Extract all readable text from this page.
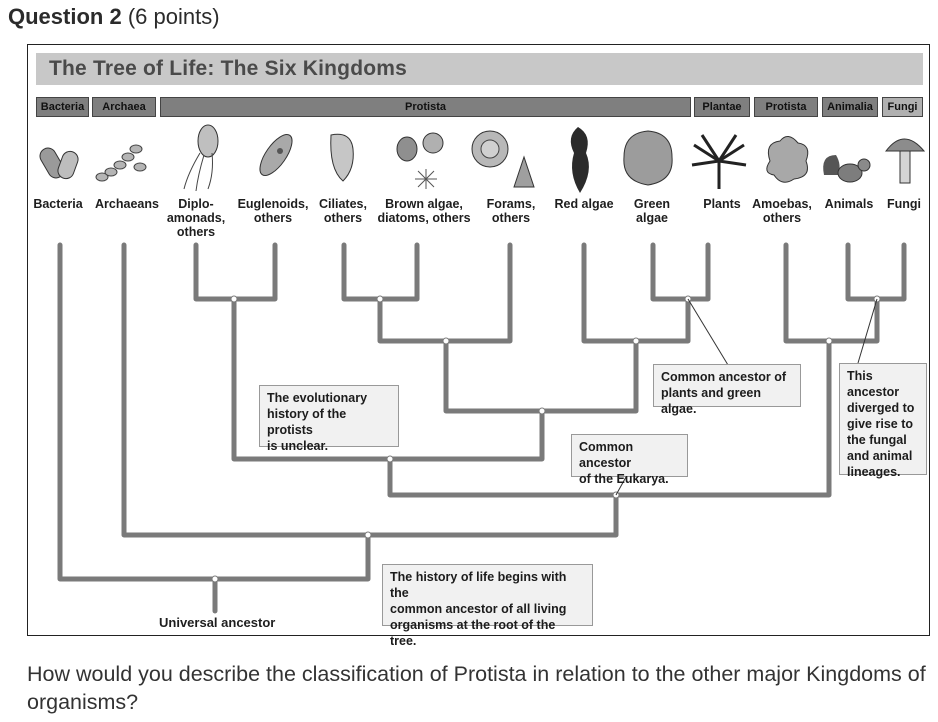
Question 2 (6 points)
The Tree of Life: The Six Kingdoms
Bacteria	Archaea	Protista	Plantae	Protista	Animalia	Fungi
Bacteria Archaeans	Diplo-
amonads,
others
Euglenoids,
others
Ciliates,
others
Brown algae,
diatoms, others
Forams,
others
Red algae	Green
algae
Plants Amoebas,
others
Animals	Fungi
The evolutionary
history of the protists
is unclear.
Common ancestor of
plants and green algae.
This ancestor
diverged to
give rise to
the fungal
and animal
lineages.
Common ancestor
of the Eukarya.
The history of life begins with the
common ancestor of all living
organisms at the root of the tree.
Universal ancestor
How would you describe the classification of Protista in relation to the other major Kingdoms of organisms?
